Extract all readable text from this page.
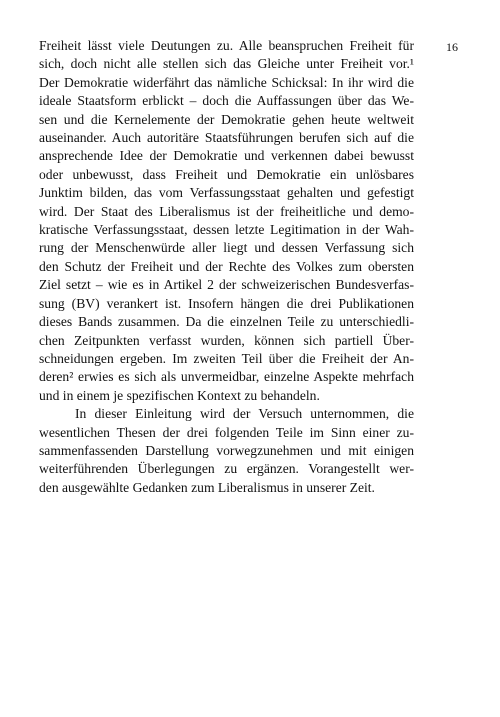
16
Freiheit lässt viele Deutungen zu. Alle beanspruchen Freiheit für
sich, doch nicht alle stellen sich das Gleiche unter Freiheit vor.¹
Der Demokratie widerfährt das nämliche Schicksal: In ihr wird die
ideale Staatsform erblickt – doch die Auffassungen über das We-
sen und die Kernelemente der Demokratie gehen heute weltweit
auseinander. Auch autoritäre Staatsführungen berufen sich auf die
ansprechende Idee der Demokratie und verkennen dabei bewusst
oder unbewusst, dass Freiheit und Demokratie ein unlösbares
Junktim bilden, das vom Verfassungsstaat gehalten und gefestigt
wird. Der Staat des Liberalismus ist der freiheitliche und demo-
kratische Verfassungsstaat, dessen letzte Legitimation in der Wah-
rung der Menschenwürde aller liegt und dessen Verfassung sich
den Schutz der Freiheit und der Rechte des Volkes zum obersten
Ziel setzt – wie es in Artikel 2 der schweizerischen Bundesverfas-
sung (BV) verankert ist. Insofern hängen die drei Publikationen
dieses Bands zusammen. Da die einzelnen Teile zu unterschiedli-
chen Zeitpunkten verfasst wurden, können sich partiell Über-
schneidungen ergeben. Im zweiten Teil über die Freiheit der An-
deren² erwies es sich als unvermeidbar, einzelne Aspekte mehrfach
und in einem je spezifischen Kontext zu behandeln.
In dieser Einleitung wird der Versuch unternommen, die
wesentlichen Thesen der drei folgenden Teile im Sinn einer zu-
sammenfassenden Darstellung vorwegzunehmen und mit einigen
weiterführenden Überlegungen zu ergänzen. Vorangestellt wer-
den ausgewählte Gedanken zum Liberalismus in unserer Zeit.
